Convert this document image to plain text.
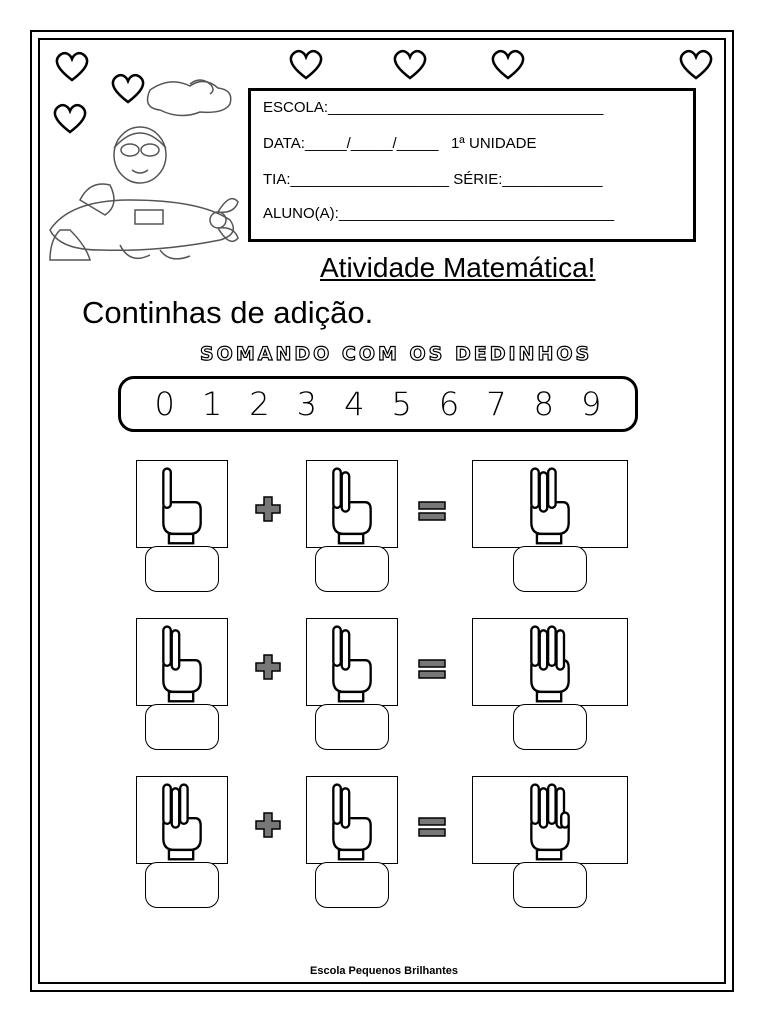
ESCOLA:_________________________________
DATA:_____/_____/_____ 1ª UNIDADE
TIA:___________________ SÉRIE:____________
ALUNO(A):_________________________________
Atividade Matemática!
Continhas de adição.
SOMANDO COM OS DEDINHOS
0 1 2 3 4 5 6 7 8 9
Escola Pequenos Brilhantes
